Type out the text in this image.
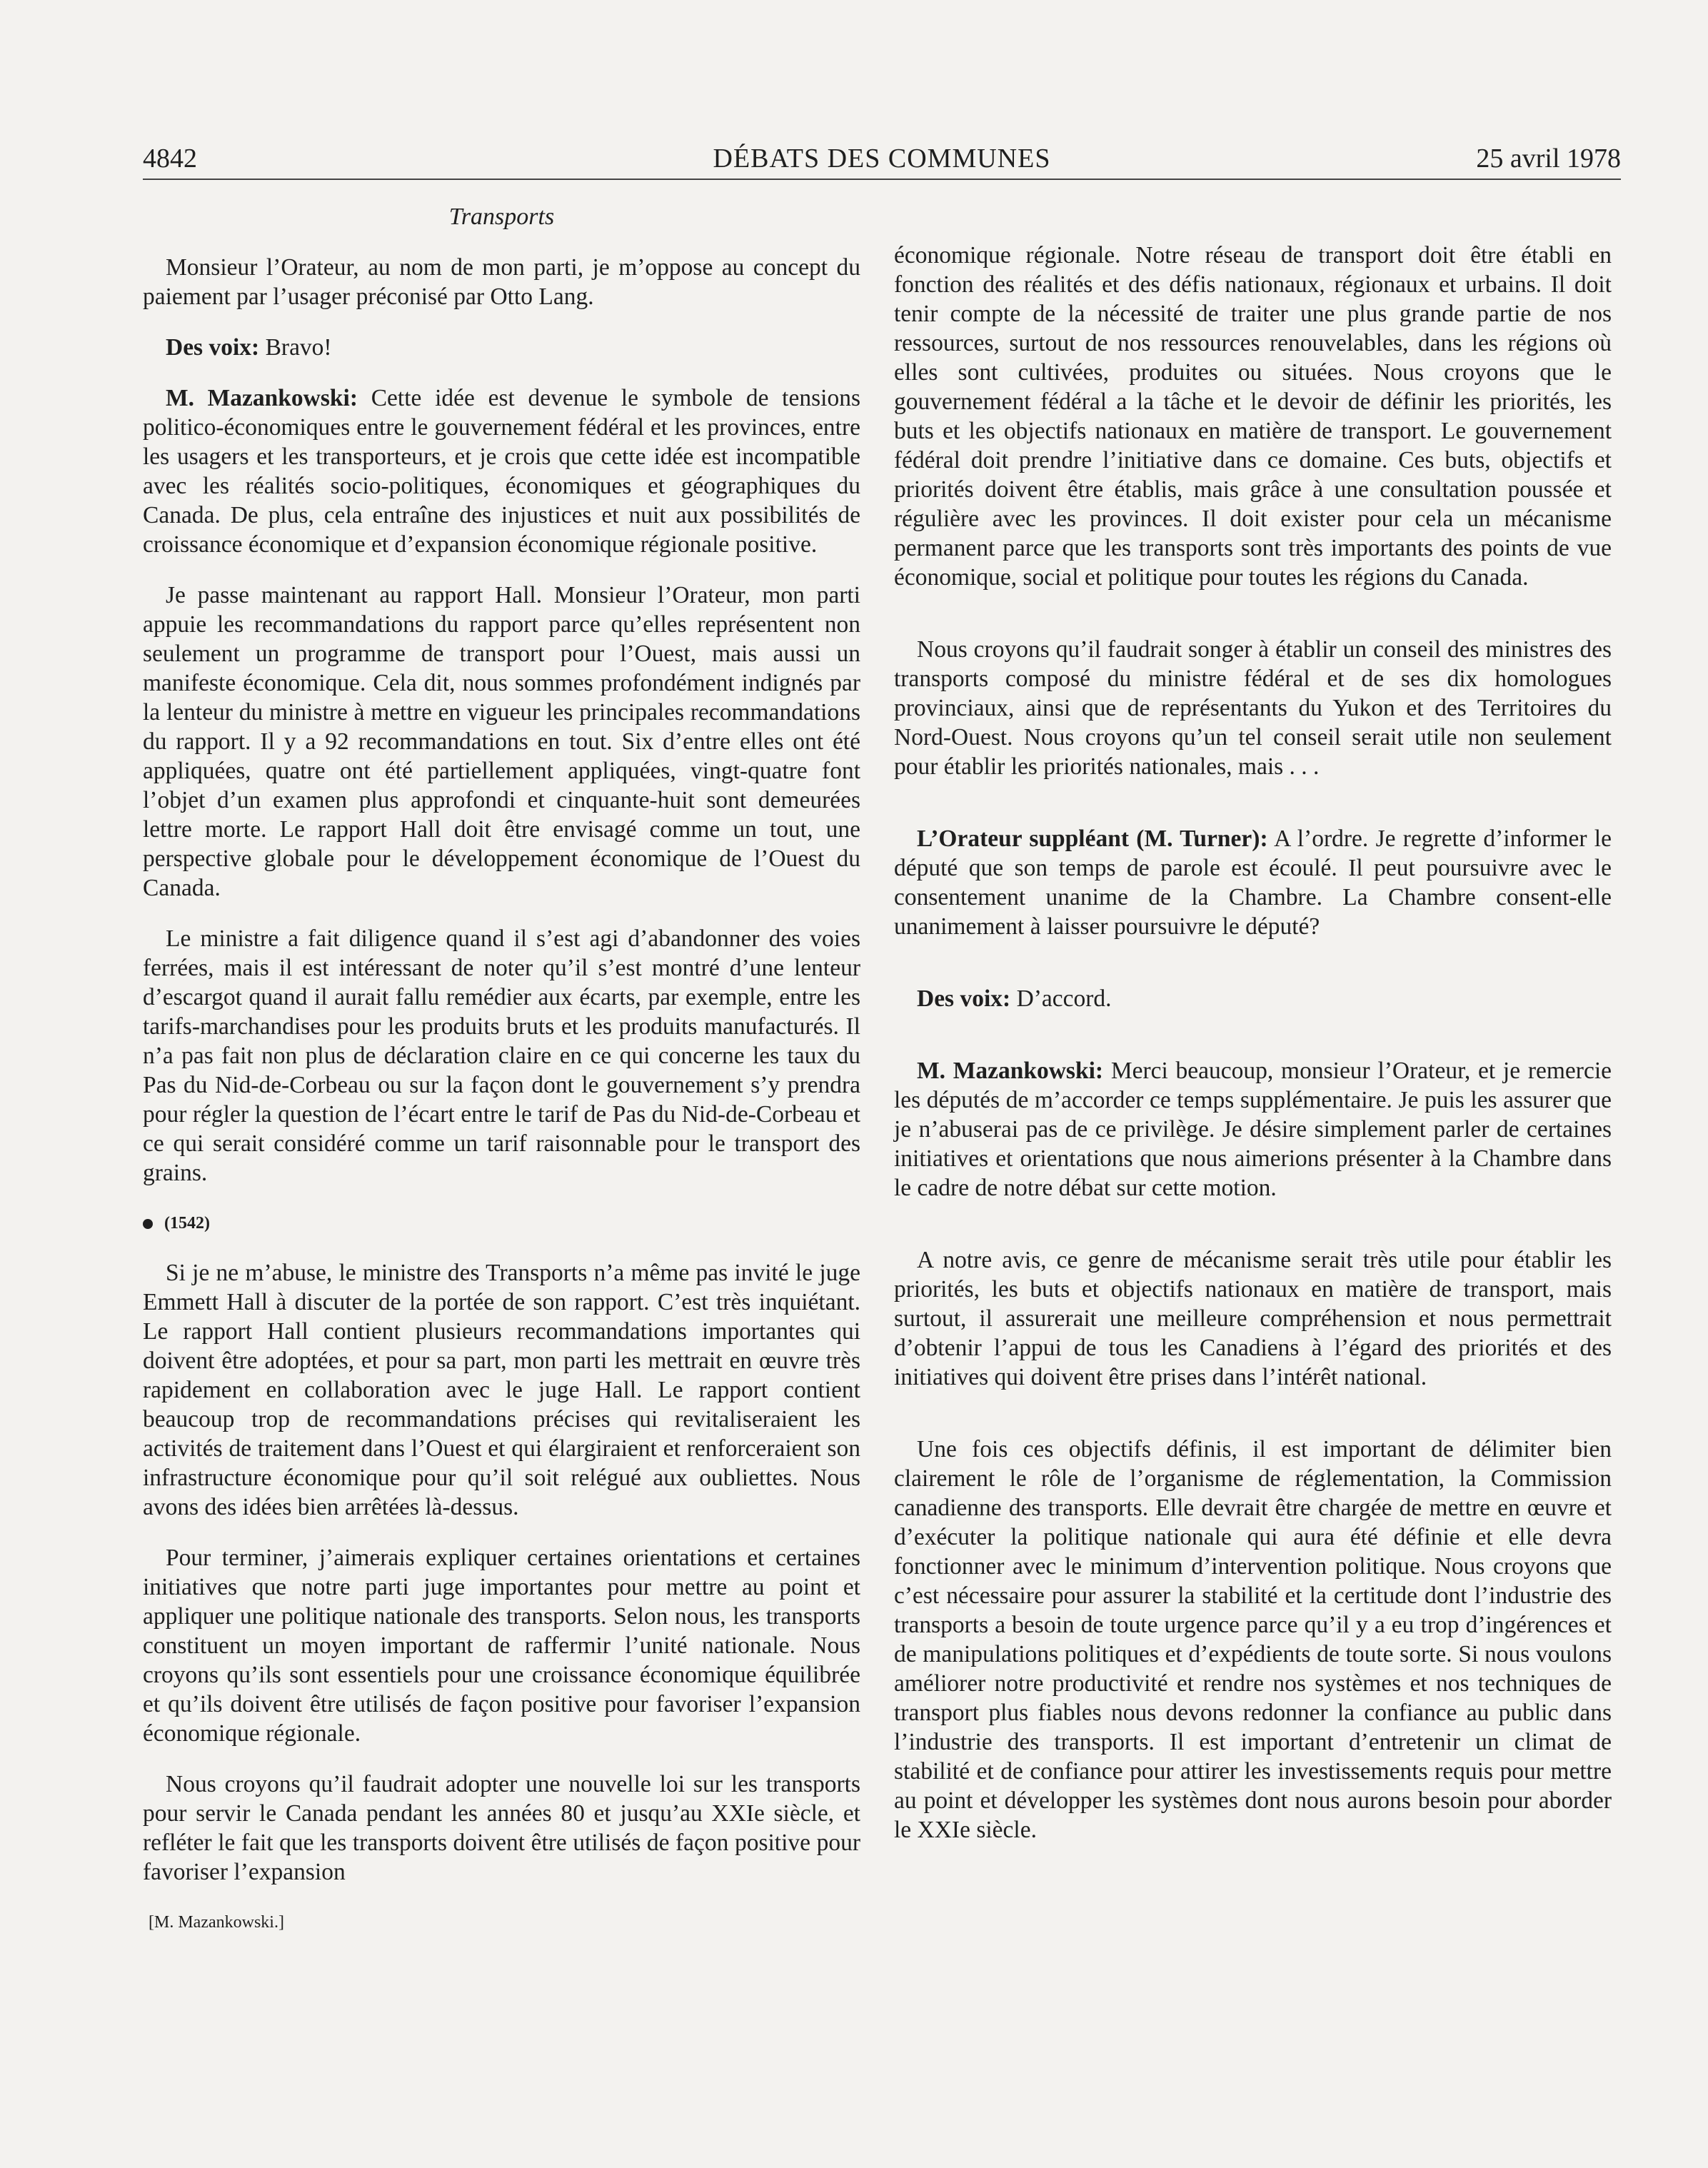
4842	DÉBATS DES COMMUNES	25 avril 1978

Transports

Monsieur l’Orateur, au nom de mon parti, je m’oppose au concept du paiement par l’usager préconisé par Otto Lang.

Des voix: Bravo!

M. Mazankowski: Cette idée est devenue le symbole de tensions politico-économiques entre le gouvernement fédéral et les provinces, entre les usagers et les transporteurs, et je crois que cette idée est incompatible avec les réalités socio-politiques, économiques et géographiques du Canada. De plus, cela entraîne des injustices et nuit aux possibilités de croissance économique et d’expansion économique régionale positive.

Je passe maintenant au rapport Hall. Monsieur l’Orateur, mon parti appuie les recommandations du rapport parce qu’elles représentent non seulement un programme de transport pour l’Ouest, mais aussi un manifeste économique. Cela dit, nous sommes profondément indignés par la lenteur du ministre à mettre en vigueur les principales recommandations du rapport. Il y a 92 recommandations en tout. Six d’entre elles ont été appliquées, quatre ont été partiellement appliquées, vingt-quatre font l’objet d’un examen plus approfondi et cinquante-huit sont demeurées lettre morte. Le rapport Hall doit être envisagé comme un tout, une perspective globale pour le développement économique de l’Ouest du Canada.

Le ministre a fait diligence quand il s’est agi d’abandonner des voies ferrées, mais il est intéressant de noter qu’il s’est montré d’une lenteur d’escargot quand il aurait fallu remédier aux écarts, par exemple, entre les tarifs-marchandises pour les produits bruts et les produits manufacturés. Il n’a pas fait non plus de déclaration claire en ce qui concerne les taux du Pas du Nid-de-Corbeau ou sur la façon dont le gouvernement s’y prendra pour régler la question de l’écart entre le tarif de Pas du Nid-de-Corbeau et ce qui serait considéré comme un tarif raisonnable pour le transport des grains.

(1542)

Si je ne m’abuse, le ministre des Transports n’a même pas invité le juge Emmett Hall à discuter de la portée de son rapport. C’est très inquiétant. Le rapport Hall contient plusieurs recommandations importantes qui doivent être adoptées, et pour sa part, mon parti les mettrait en œuvre très rapidement en collaboration avec le juge Hall. Le rapport contient beaucoup trop de recommandations précises qui revitaliseraient les activités de traitement dans l’Ouest et qui élargiraient et renforceraient son infrastructure économique pour qu’il soit relégué aux oubliettes. Nous avons des idées bien arrêtées là-dessus.

Pour terminer, j’aimerais expliquer certaines orientations et certaines initiatives que notre parti juge importantes pour mettre au point et appliquer une politique nationale des transports. Selon nous, les transports constituent un moyen important de raffermir l’unité nationale. Nous croyons qu’ils sont essentiels pour une croissance économique équilibrée et qu’ils doivent être utilisés de façon positive pour favoriser l’expansion économique régionale.

Nous croyons qu’il faudrait adopter une nouvelle loi sur les transports pour servir le Canada pendant les années 80 et jusqu’au XXIe siècle, et refléter le fait que les transports doivent être utilisés de façon positive pour favoriser l’expansion

[M. Mazankowski.]

économique régionale. Notre réseau de transport doit être établi en fonction des réalités et des défis nationaux, régionaux et urbains. Il doit tenir compte de la nécessité de traiter une plus grande partie de nos ressources, surtout de nos ressources renouvelables, dans les régions où elles sont cultivées, produites ou situées. Nous croyons que le gouvernement fédéral a la tâche et le devoir de définir les priorités, les buts et les objectifs nationaux en matière de transport. Le gouvernement fédéral doit prendre l’initiative dans ce domaine. Ces buts, objectifs et priorités doivent être établis, mais grâce à une consultation poussée et régulière avec les provinces. Il doit exister pour cela un mécanisme permanent parce que les transports sont très importants des points de vue économique, social et politique pour toutes les régions du Canada.

Nous croyons qu’il faudrait songer à établir un conseil des ministres des transports composé du ministre fédéral et de ses dix homologues provinciaux, ainsi que de représentants du Yukon et des Territoires du Nord-Ouest. Nous croyons qu’un tel conseil serait utile non seulement pour établir les priorités nationales, mais . . .

L’Orateur suppléant (M. Turner): A l’ordre. Je regrette d’informer le député que son temps de parole est écoulé. Il peut poursuivre avec le consentement unanime de la Chambre. La Chambre consent-elle unanimement à laisser poursuivre le député?

Des voix: D’accord.

M. Mazankowski: Merci beaucoup, monsieur l’Orateur, et je remercie les députés de m’accorder ce temps supplémentaire. Je puis les assurer que je n’abuserai pas de ce privilège. Je désire simplement parler de certaines initiatives et orientations que nous aimerions présenter à la Chambre dans le cadre de notre débat sur cette motion.

A notre avis, ce genre de mécanisme serait très utile pour établir les priorités, les buts et objectifs nationaux en matière de transport, mais surtout, il assurerait une meilleure compréhension et nous permettrait d’obtenir l’appui de tous les Canadiens à l’égard des priorités et des initiatives qui doivent être prises dans l’intérêt national.

Une fois ces objectifs définis, il est important de délimiter bien clairement le rôle de l’organisme de réglementation, la Commission canadienne des transports. Elle devrait être chargée de mettre en œuvre et d’exécuter la politique nationale qui aura été définie et elle devra fonctionner avec le minimum d’intervention politique. Nous croyons que c’est nécessaire pour assurer la stabilité et la certitude dont l’industrie des transports a besoin de toute urgence parce qu’il y a eu trop d’ingérences et de manipulations politiques et d’expédients de toute sorte. Si nous voulons améliorer notre productivité et rendre nos systèmes et nos techniques de transport plus fiables nous devons redonner la confiance au public dans l’industrie des transports. Il est important d’entretenir un climat de stabilité et de confiance pour attirer les investissements requis pour mettre au point et développer les systèmes dont nous aurons besoin pour aborder le XXIe siècle.
